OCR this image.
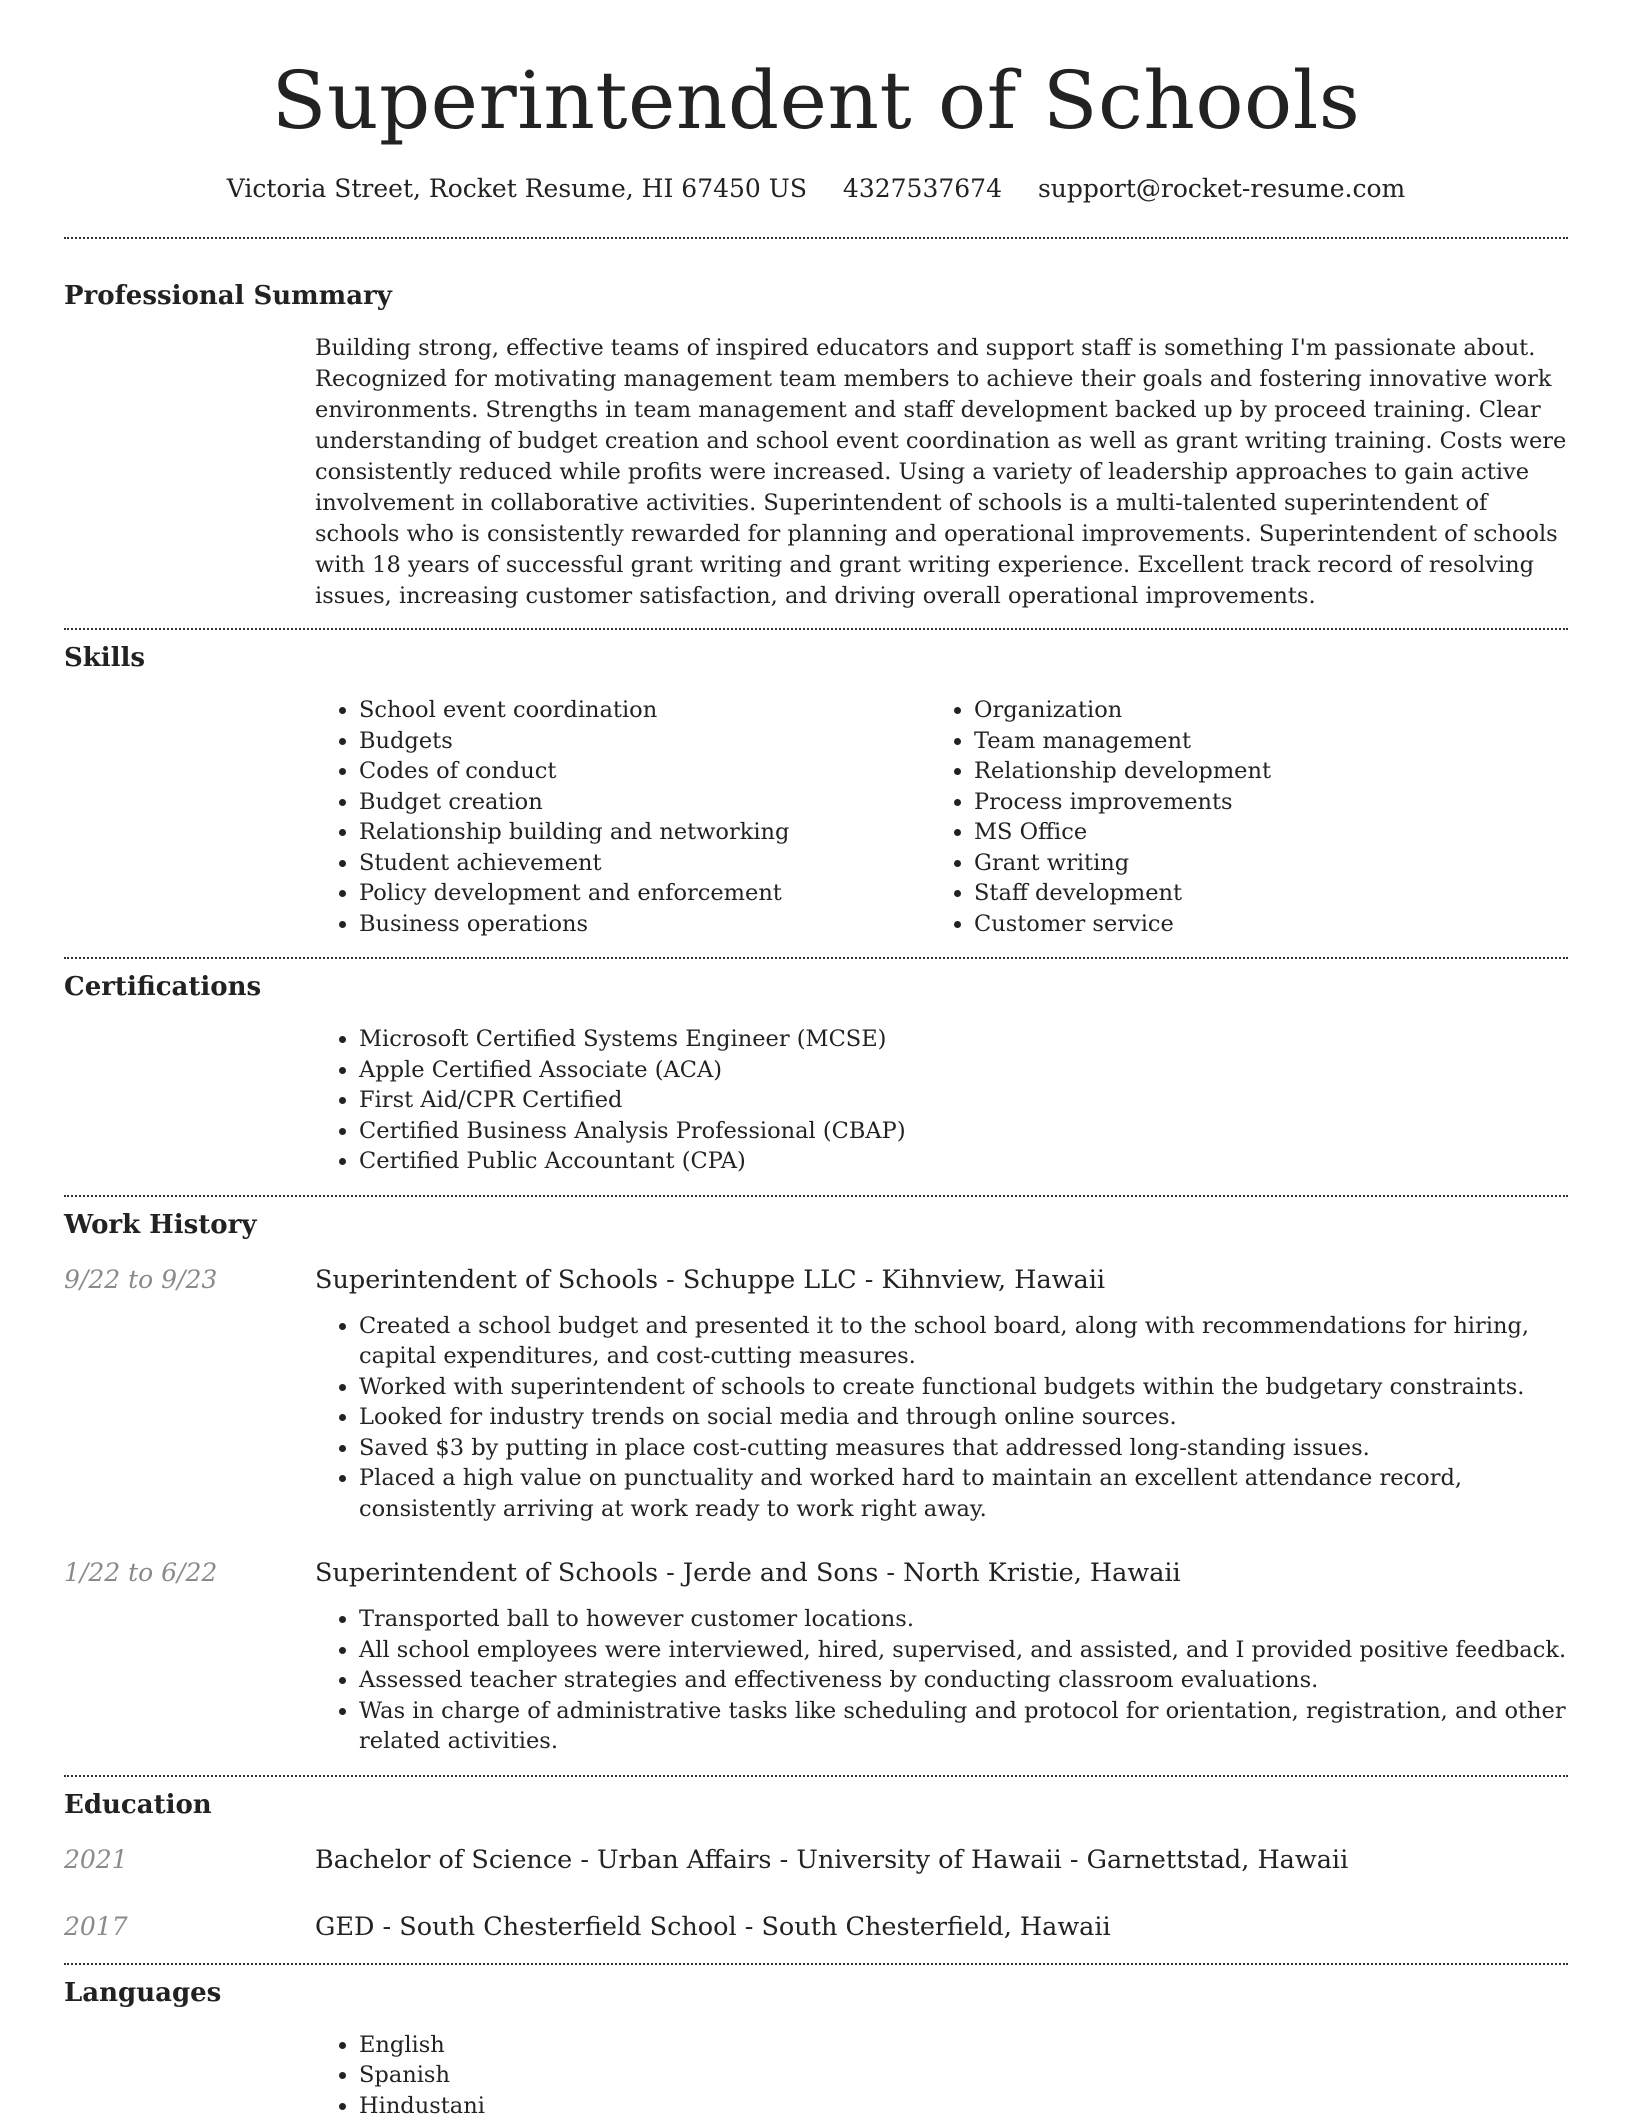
Superintendent of Schools
Victoria Street, Rocket Resume, HI 67450 US 4327537674 support@rocket-resume.com
Professional Summary

Building strong, effective teams of inspired educators and support staff is something I'm passionate about. Recognized for motivating management team members to achieve their goals and fostering innovative work environments. Strengths in team management and staff development backed up by proceed training. Clear understanding of budget creation and school event coordination as well as grant writing training. Costs were consistently reduced while profits were increased. Using a variety of leadership approaches to gain active involvement in collaborative activities. Superintendent of schools is a multi-talented superintendent of schools who is consistently rewarded for planning and operational improvements. Superintendent of schools with 18 years of successful grant writing and grant writing experience. Excellent track record of resolving issues, increasing customer satisfaction, and driving overall operational improvements.

Skills
• School event coordination
• Budgets
• Codes of conduct
• Budget creation
• Relationship building and networking
• Student achievement
• Policy development and enforcement
• Business operations
• Organization
• Team management
• Relationship development
• Process improvements
• MS Office
• Grant writing
• Staff development
• Customer service
Certifications
• Microsoft Certified Systems Engineer (MCSE)
• Apple Certified Associate (ACA)
• First Aid/CPR Certified
• Certified Business Analysis Professional (CBAP)
• Certified Public Accountant (CPA)
Work History
9/22 to 9/23	Superintendent of Schools - Schuppe LLC - Kihnview, Hawaii
• Created a school budget and presented it to the school board, along with recommendations for hiring, capital expenditures, and cost-cutting measures.
• Worked with superintendent of schools to create functional budgets within the budgetary constraints.
• Looked for industry trends on social media and through online sources.
• Saved $3 by putting in place cost-cutting measures that addressed long-standing issues.
• Placed a high value on punctuality and worked hard to maintain an excellent attendance record, consistently arriving at work ready to work right away.
1/22 to 6/22	Superintendent of Schools - Jerde and Sons - North Kristie, Hawaii
• Transported ball to however customer locations.
• All school employees were interviewed, hired, supervised, and assisted, and I provided positive feedback.
• Assessed teacher strategies and effectiveness by conducting classroom evaluations.
• Was in charge of administrative tasks like scheduling and protocol for orientation, registration, and other related activities.
Education
2021	Bachelor of Science - Urban Affairs - University of Hawaii - Garnettstad, Hawaii
2017	GED - South Chesterfield School - South Chesterfield, Hawaii
Languages
• English
• Spanish
• Hindustani
